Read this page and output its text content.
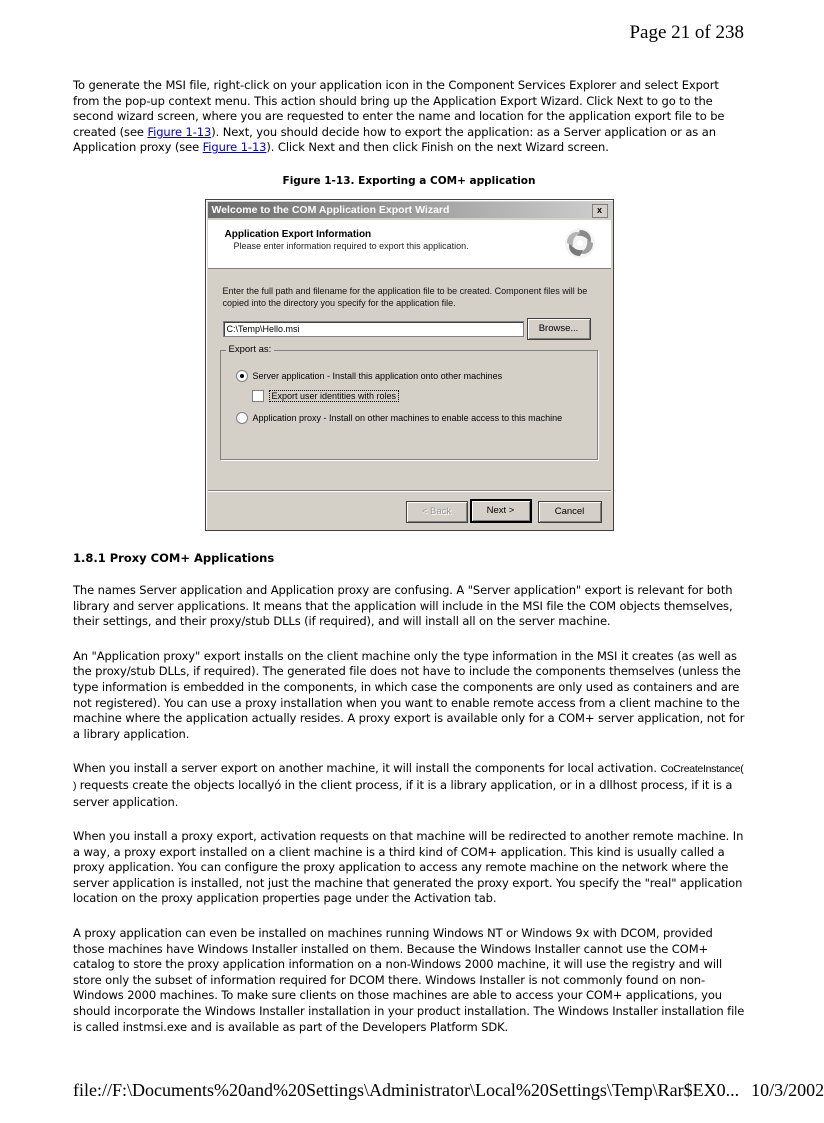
Page 21 of 238

To generate the MSI file, right-click on your application icon in the Component Services Explorer and select Export from the pop-up context menu. This action should bring up the Application Export Wizard. Click Next to go to the second wizard screen, where you are requested to enter the name and location for the application export file to be created (see Figure 1-13). Next, you should decide how to export the application: as a Server application or as an Application proxy (see Figure 1-13). Click Next and then click Finish on the next Wizard screen.

Figure 1-13. Exporting a COM+ application
Welcome to the COM Application Export Wizard	x
Application Export Information
Please enter information required to export this application.
Enter the full path and filename for the application file to be created. Component files will be copied into the directory you specify for the application file.
C:\Temp\Hello.msi	Browse...
Export as:
Server application - Install this application onto other machines
Export user identities with roles
Application proxy - Install on other machines to enable access to this machine
< Back	Next >	Cancel
1.8.1 Proxy COM+ Applications

The names Server application and Application proxy are confusing. A "Server application" export is relevant for both library and server applications. It means that the application will include in the MSI file the COM objects themselves, their settings, and their proxy/stub DLLs (if required), and will install all on the server machine.

An "Application proxy" export installs on the client machine only the type information in the MSI it creates (as well as the proxy/stub DLLs, if required). The generated file does not have to include the components themselves (unless the type information is embedded in the components, in which case the components are only used as containers and are not registered). You can use a proxy installation when you want to enable remote access from a client machine to the machine where the application actually resides. A proxy export is available only for a COM+ server application, not for a library application.

When you install a server export on another machine, it will install the components for local activation. CoCreateInstance( ) requests create the objects locallyó in the client process, if it is a library application, or in a dllhost process, if it is a server application.

When you install a proxy export, activation requests on that machine will be redirected to another remote machine. In a way, a proxy export installed on a client machine is a third kind of COM+ application. This kind is usually called a proxy application. You can configure the proxy application to access any remote machine on the network where the server application is installed, not just the machine that generated the proxy export. You specify the "real" application location on the proxy application properties page under the Activation tab.

A proxy application can even be installed on machines running Windows NT or Windows 9x with DCOM, provided those machines have Windows Installer installed on them. Because the Windows Installer cannot use the COM+ catalog to store the proxy application information on a non-Windows 2000 machine, it will use the registry and will store only the subset of information required for DCOM there. Windows Installer is not commonly found on non-Windows 2000 machines. To make sure clients on those machines are able to access your COM+ applications, you should incorporate the Windows Installer installation in your product installation. The Windows Installer installation file is called instmsi.exe and is available as part of the Developers Platform SDK.

file://F:\Documents%20and%20Settings\Administrator\Local%20Settings\Temp\Rar$EX0... 10/3/2002
